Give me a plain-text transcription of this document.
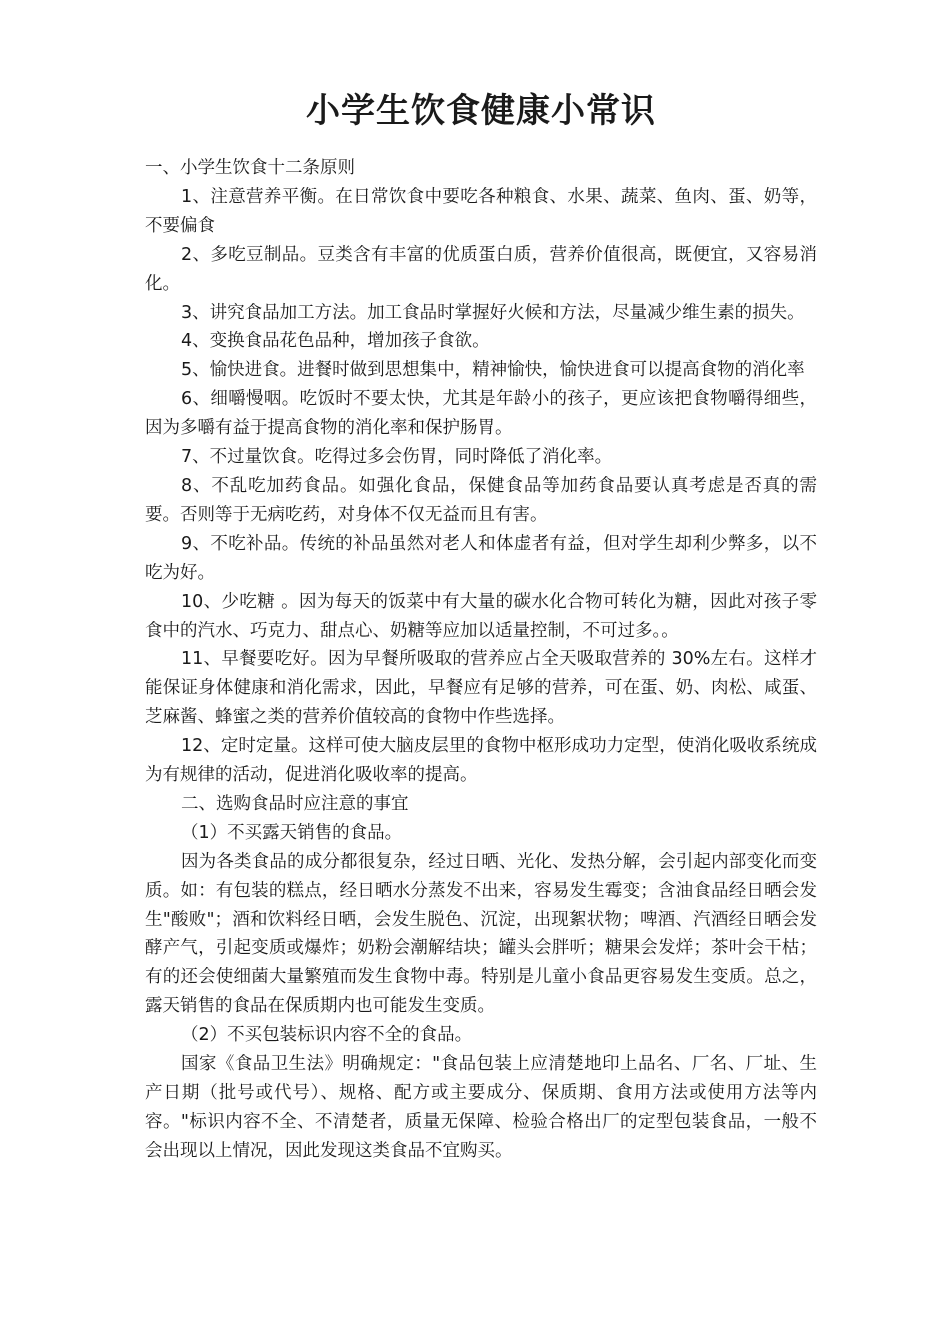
小学生饮食健康小常识

一、小学生饮食十二条原则

1、注意营养平衡。在日常饮食中要吃各种粮食、水果、蔬菜、鱼肉、蛋、奶等，不要偏食

2、多吃豆制品。豆类含有丰富的优质蛋白质，营养价值很高，既便宜，又容易消化。

3、讲究食品加工方法。加工食品时掌握好火候和方法，尽量减少维生素的损失。

4、变换食品花色品种，增加孩子食欲。

5、愉快进食。进餐时做到思想集中，精神愉快，愉快进食可以提高食物的消化率

6、细嚼慢咽。吃饭时不要太快，尤其是年龄小的孩子，更应该把食物嚼得细些，因为多嚼有益于提高食物的消化率和保护肠胃。

7、不过量饮食。吃得过多会伤胃，同时降低了消化率。

8、不乱吃加药食品。如强化食品，保健食品等加药食品要认真考虑是否真的需要。否则等于无病吃药，对身体不仅无益而且有害。

9、不吃补品。传统的补品虽然对老人和体虚者有益，但对学生却利少弊多，以不吃为好。

10、少吃糖 。因为每天的饭菜中有大量的碳水化合物可转化为糖，因此对孩子零食中的汽水、巧克力、甜点心、奶糖等应加以适量控制，不可过多。。

11、早餐要吃好。因为早餐所吸取的营养应占全天吸取营养的 30%左右。这样才能保证身体健康和消化需求，因此，早餐应有足够的营养，可在蛋、奶、肉松、咸蛋、芝麻酱、蜂蜜之类的营养价值较高的食物中作些选择。

12、定时定量。这样可使大脑皮层里的食物中枢形成功力定型，使消化吸收系统成为有规律的活动，促进消化吸收率的提高。

二、选购食品时应注意的事宜

（1）不买露天销售的食品。

因为各类食品的成分都很复杂，经过日晒、光化、发热分解，会引起内部变化而变质。如：有包装的糕点，经日晒水分蒸发不出来，容易发生霉变；含油食品经日晒会发生"酸败"；酒和饮料经日晒，会发生脱色、沉淀，出现絮状物；啤酒、汽酒经日晒会发酵产气，引起变质或爆炸；奶粉会潮解结块；罐头会胖听；糖果会发烊；茶叶会干枯；有的还会使细菌大量繁殖而发生食物中毒。特别是儿童小食品更容易发生变质。总之，露天销售的食品在保质期内也可能发生变质。

（2）不买包装标识内容不全的食品。

国家《食品卫生法》明确规定："食品包装上应清楚地印上品名、厂名、厂址、生产日期（批号或代号）、规格、配方或主要成分、保质期、食用方法或使用方法等内容。"标识内容不全、不清楚者，质量无保障、检验合格出厂的定型包装食品，一般不会出现以上情况，因此发现这类食品不宜购买。
